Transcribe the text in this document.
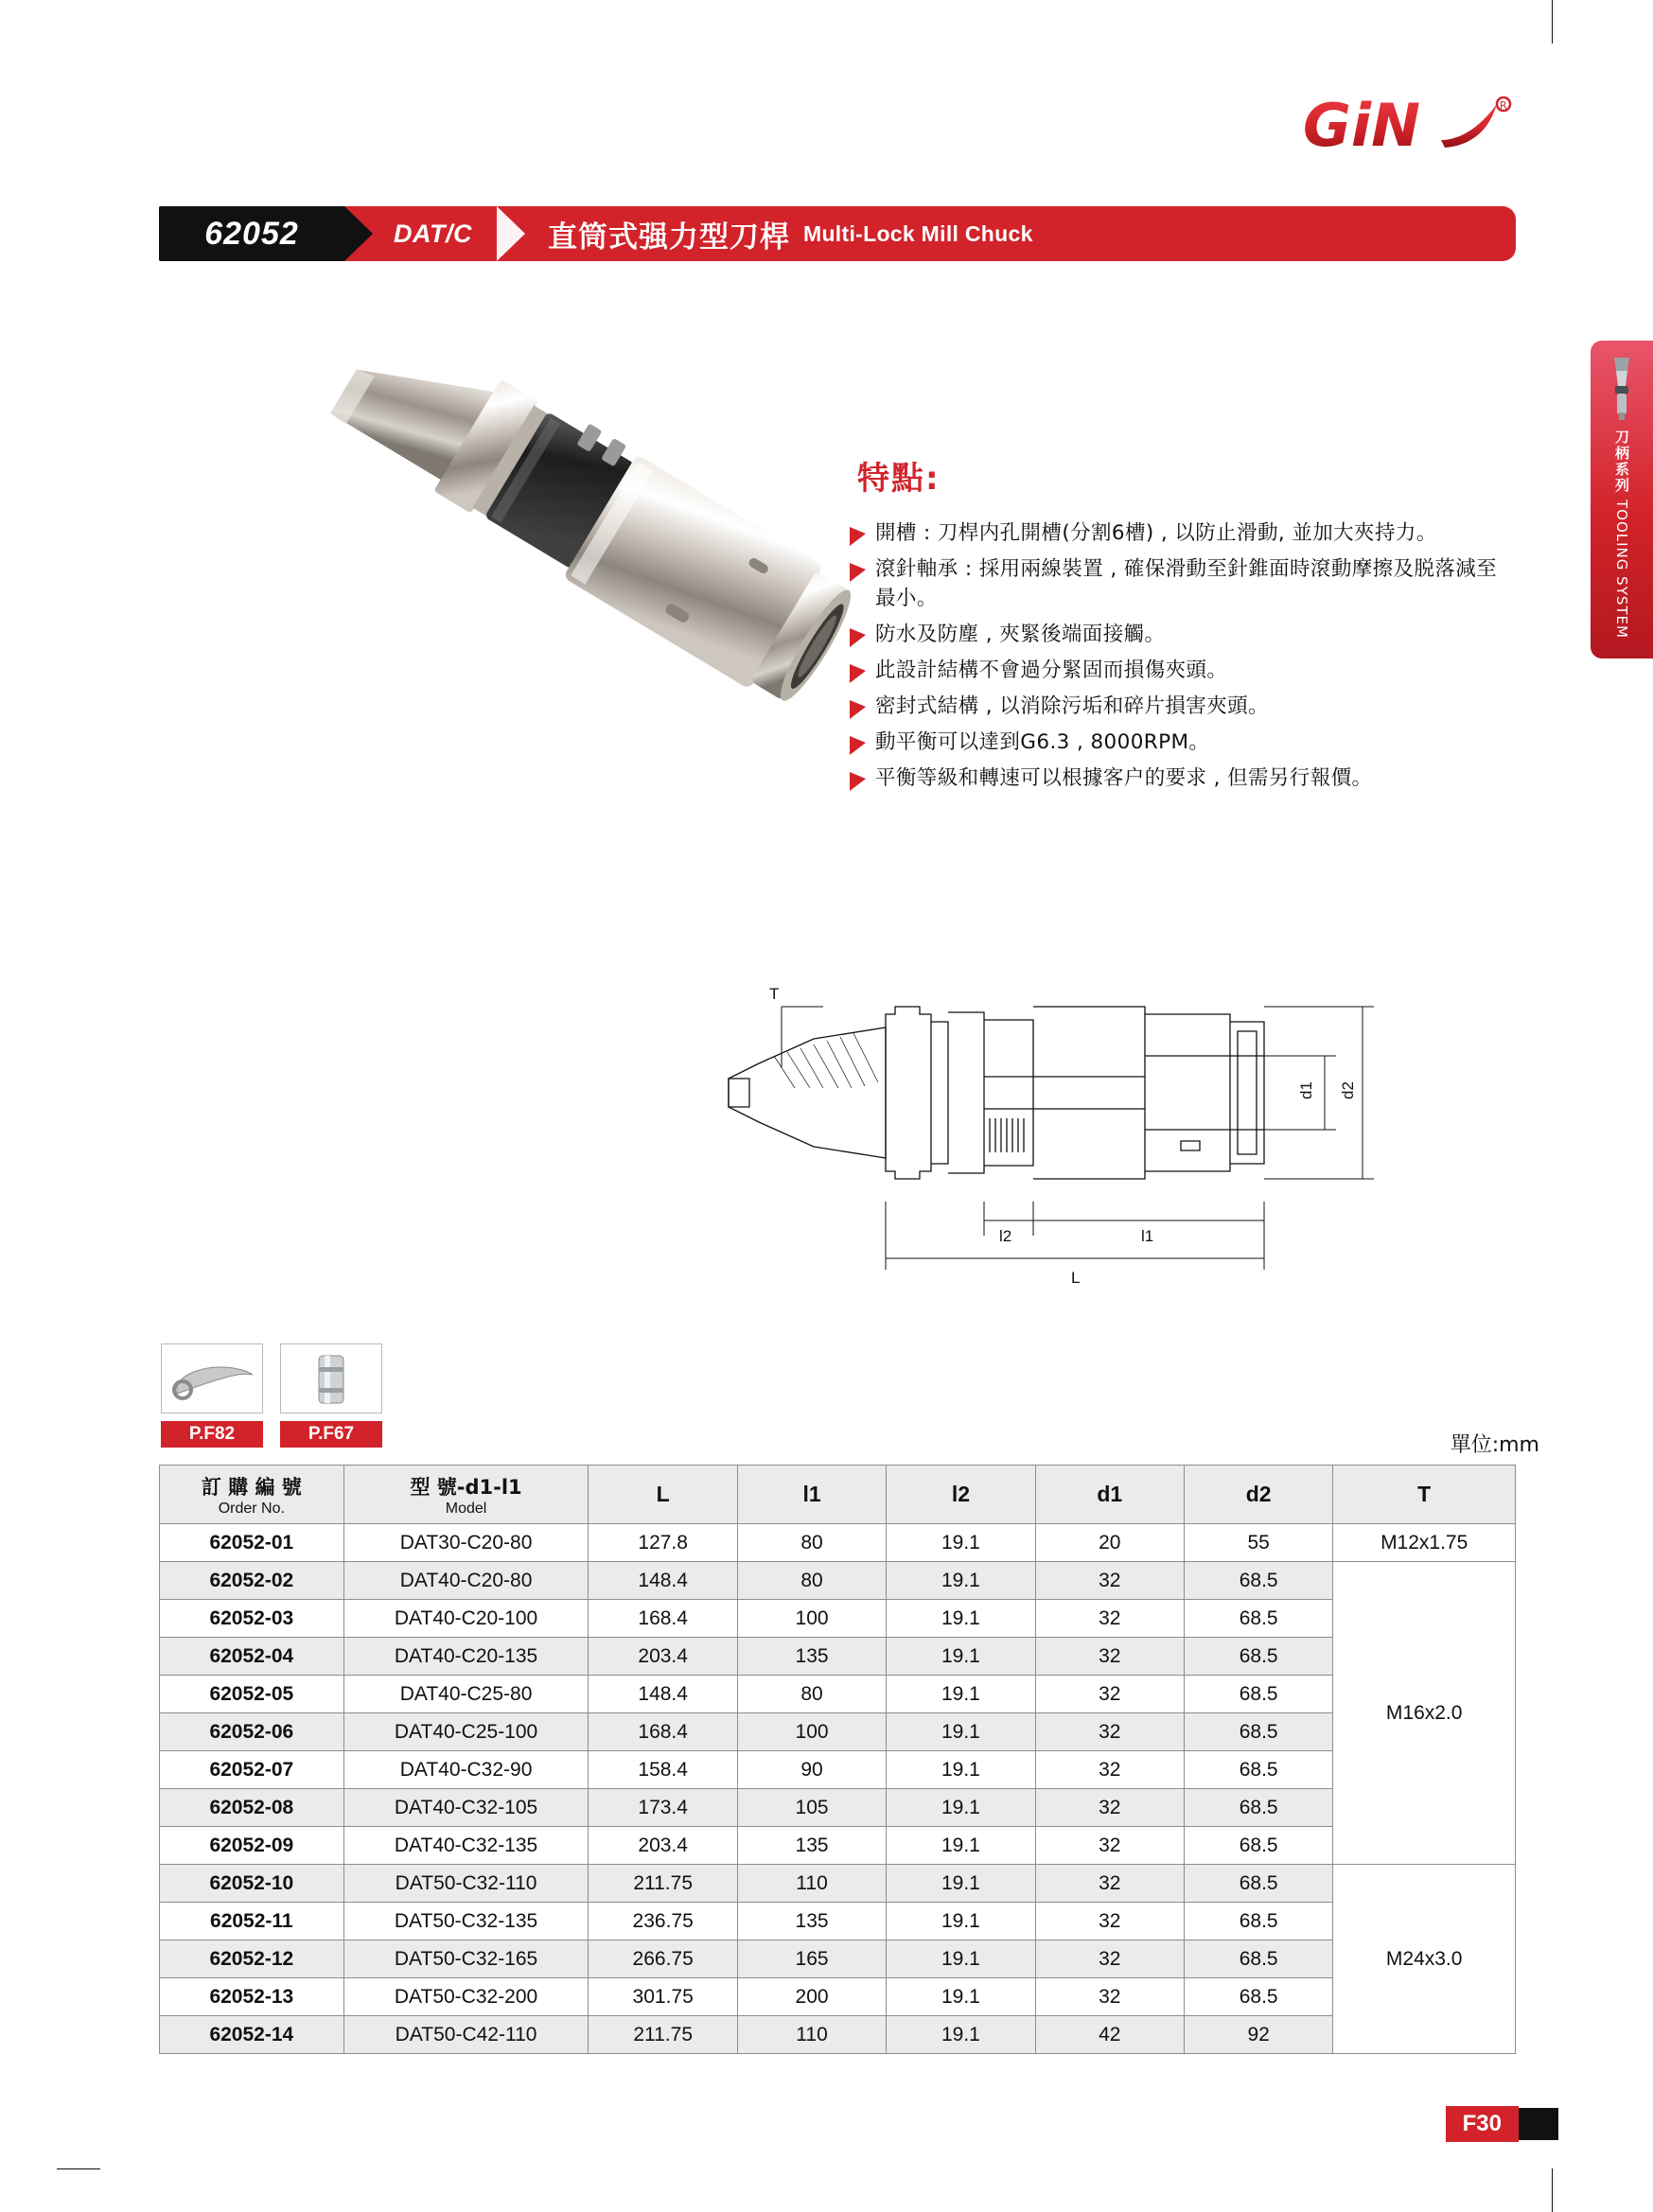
GiN	R
62052	DAT/C	直筒式强力型刀桿 Multi-Lock Mill Chuck
刀柄系列
TOOLING SYSTEM
特點:
開槽 : 刀桿内孔開槽(分割6槽) , 以防止滑動, 並加大夾持力。
滾針軸承 : 採用兩線裝置 , 確保滑動至針錐面時滾動摩擦及脱落減至最小。
防水及防塵 , 夾緊後端面接觸。
此設計結構不會過分緊固而損傷夾頭。
密封式結構 , 以消除污垢和碎片損害夾頭。
動平衡可以達到G6.3 , 8000RPM。
平衡等級和轉速可以根據客户的要求 , 但需另行報價。
T
d1 d2
l2	l1
L
P.F82	P.F67	單位:mm
訂 購 編 號
Order No.

型 號-d1-l1
Model
	L	l1	l2	d1	d2	T
62052-01	DAT30-C20-80	127.8	80	19.1	20	55	M12x1.75
62052-02	DAT40-C20-80	148.4	80	19.1	32	68.5	M16x2.0
62052-03	DAT40-C20-100	168.4	100	19.1	32	68.5	
62052-04	DAT40-C20-135	203.4	135	19.1	32	68.5	
62052-05	DAT40-C25-80	148.4	80	19.1	32	68.5	
62052-06	DAT40-C25-100	168.4	100	19.1	32	68.5	
62052-07	DAT40-C32-90	158.4	90	19.1	32	68.5	
62052-08	DAT40-C32-105	173.4	105	19.1	32	68.5	
62052-09	DAT40-C32-135	203.4	135	19.1	32	68.5	
62052-10	DAT50-C32-110	211.75	110	19.1	32	68.5	M24x3.0
62052-11	DAT50-C32-135	236.75	135	19.1	32	68.5	
62052-12	DAT50-C32-165	266.75	165	19.1	32	68.5	
62052-13	DAT50-C32-200	301.75	200	19.1	32	68.5	
62052-14	DAT50-C42-110	211.75	110	19.1	42	92	
F30
